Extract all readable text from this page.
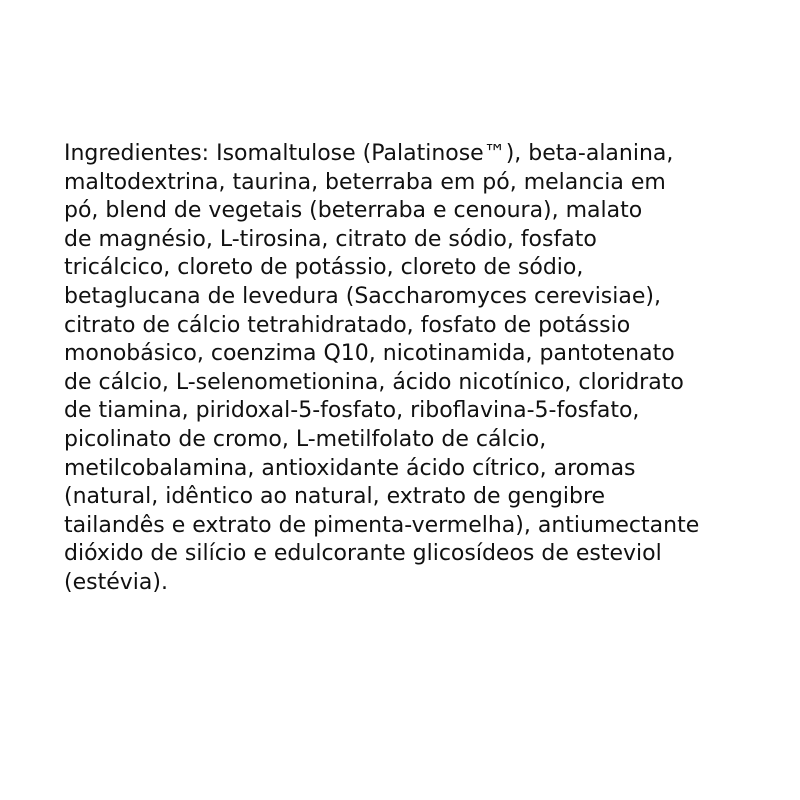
Ingredientes: Isomaltulose (Palatinose™), beta-alanina,
maltodextrina, taurina, beterraba em pó, melancia em
pó, blend de vegetais (beterraba e cenoura), malato
de magnésio, L-tirosina, citrato de sódio, fosfato
tricálcico, cloreto de potássio, cloreto de sódio,
betaglucana de levedura (Saccharomyces cerevisiae),
citrato de cálcio tetrahidratado, fosfato de potássio
monobásico, coenzima Q10, nicotinamida, pantotenato
de cálcio, L-selenometionina, ácido nicotínico, cloridrato
de tiamina, piridoxal-5-fosfato, riboflavina-5-fosfato,
picolinato de cromo, L-metilfolato de cálcio,
metilcobalamina, antioxidante ácido cítrico, aromas
(natural, idêntico ao natural, extrato de gengibre
tailandês e extrato de pimenta-vermelha), antiumectante
dióxido de silício e edulcorante glicosídeos de esteviol
(estévia).
